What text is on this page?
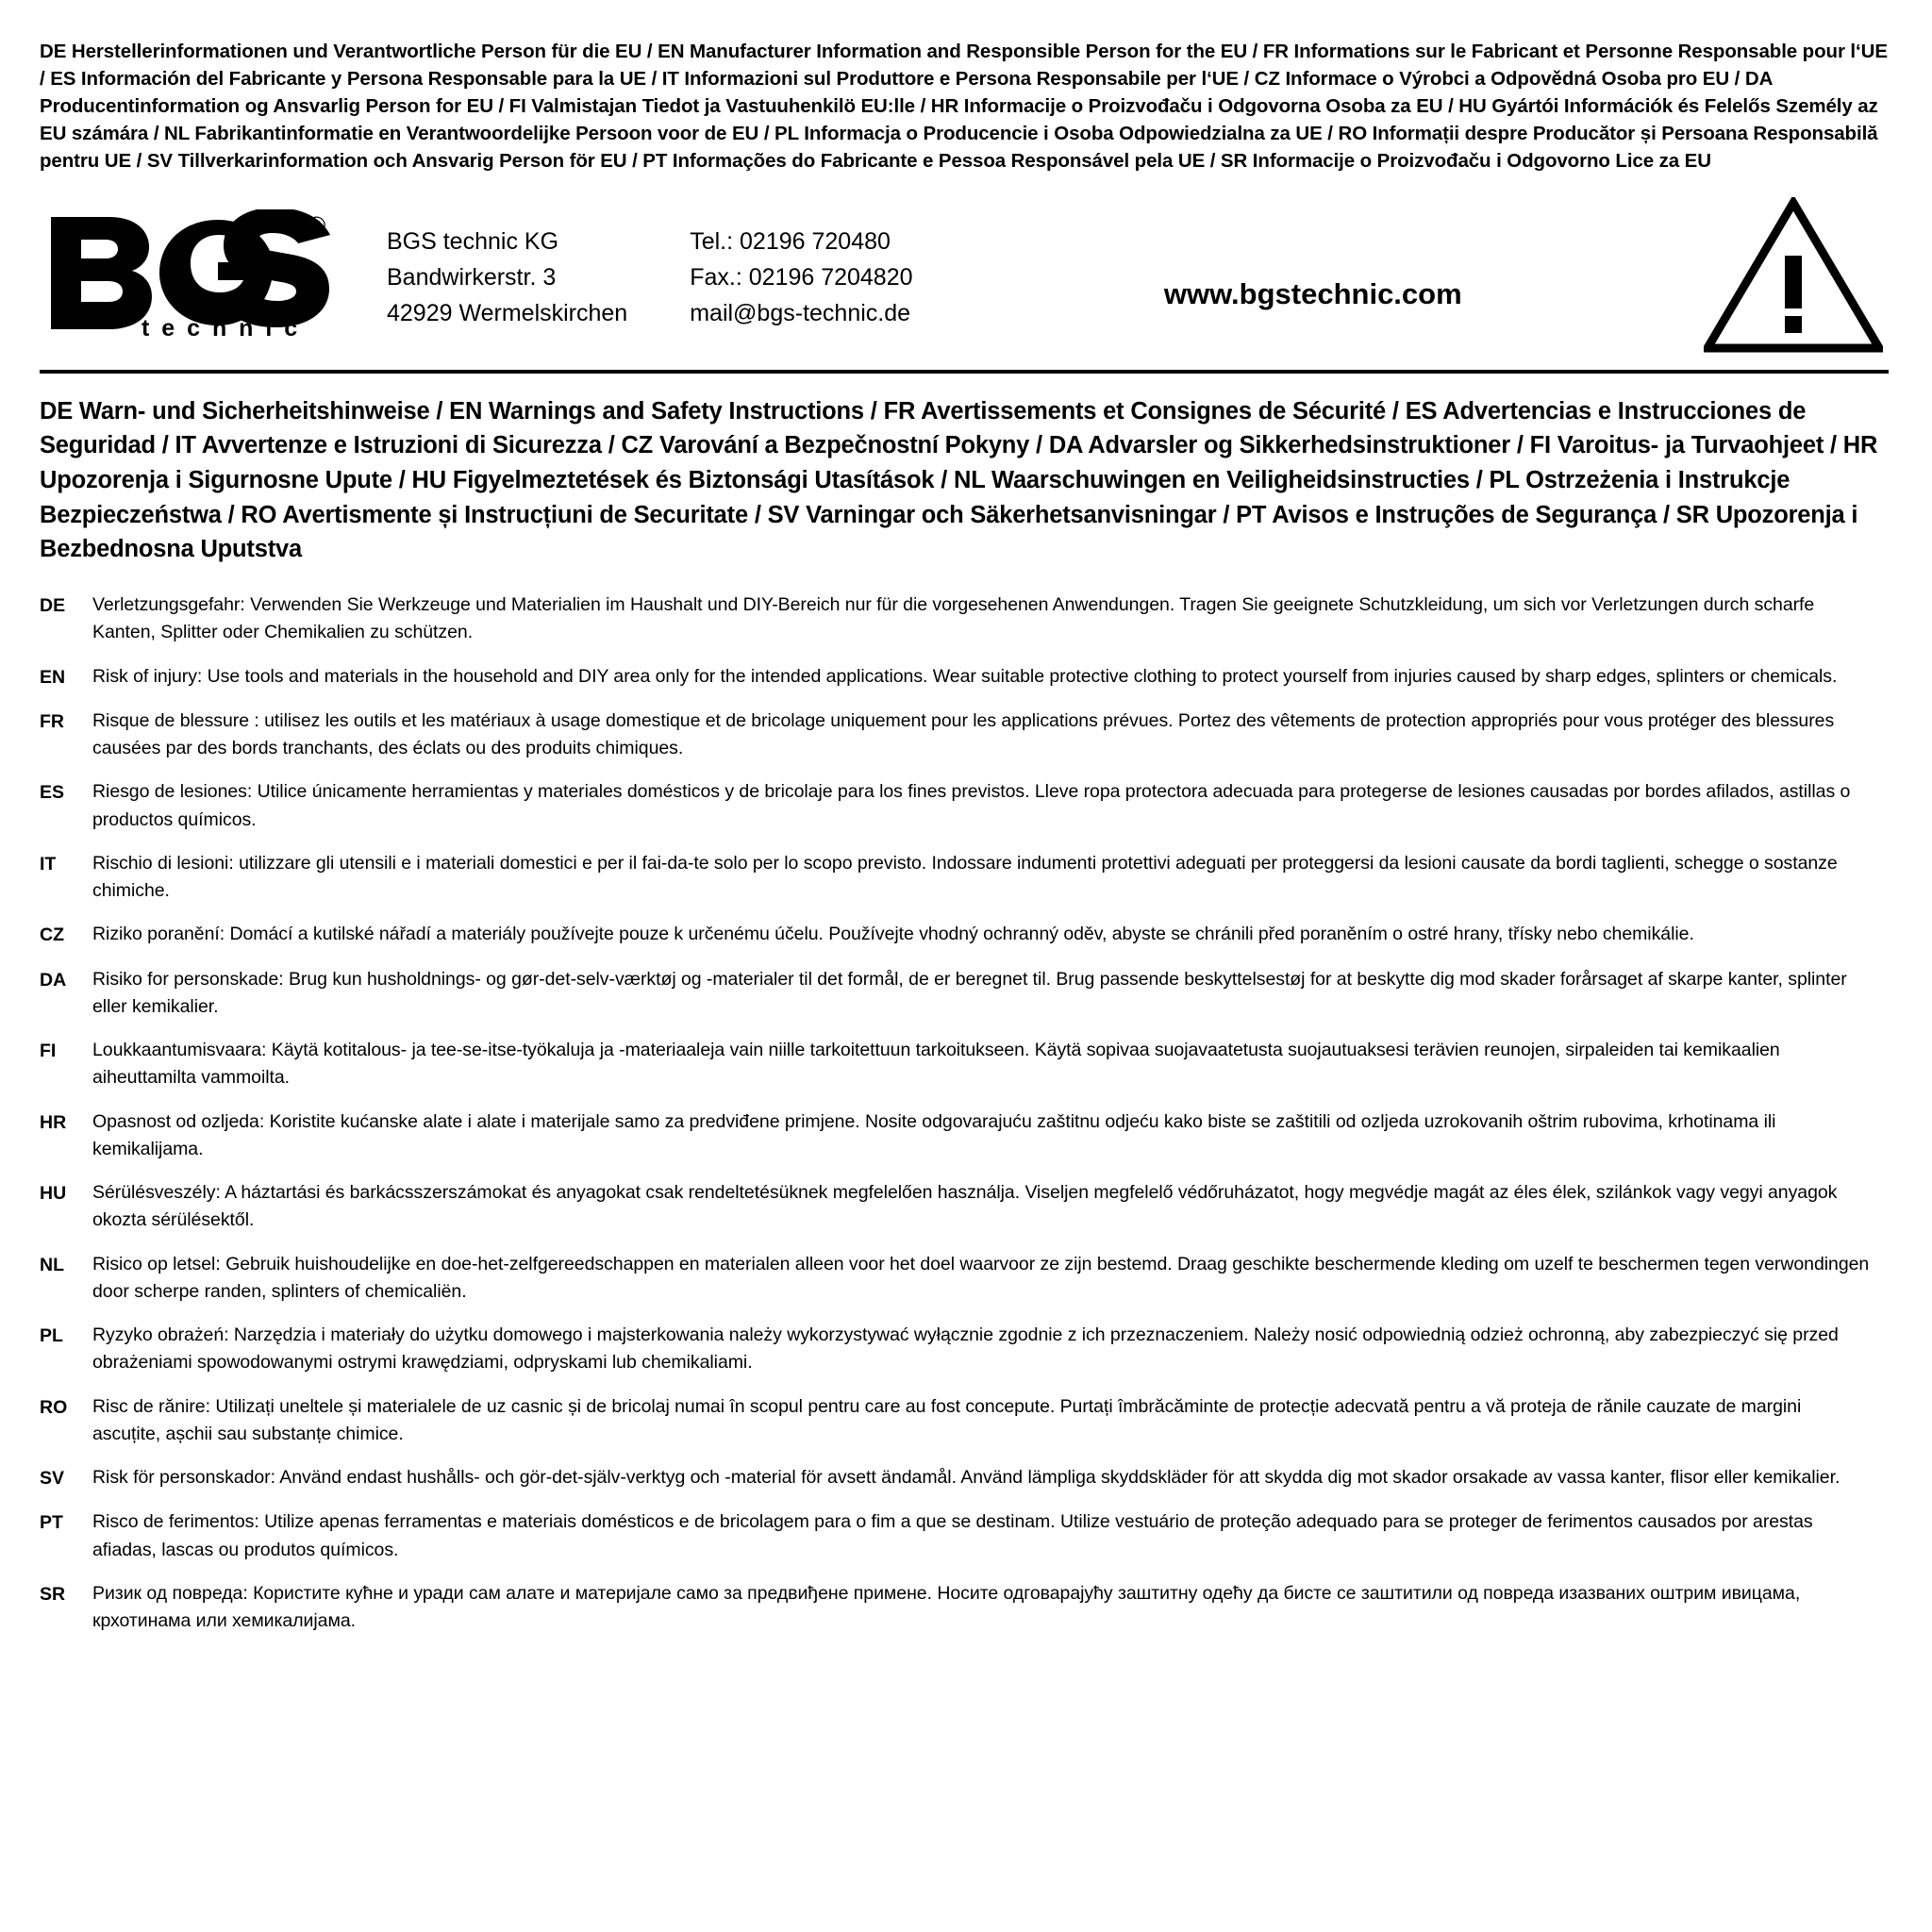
DE Herstellerinformationen und Verantwortliche Person für die EU / EN Manufacturer Information and Responsible Person for the EU / FR Informations sur le Fabricant et Personne Responsable pour l‘UE / ES Información del Fabricante y Persona Responsable para la UE / IT Informazioni sul Produttore e Persona Responsabile per l‘UE / CZ Informace o Výrobci a Odpovědná Osoba pro EU / DA Producentinformation og Ansvarlig Person for EU / FI Valmistajan Tiedot ja Vastuuhenkilö EU:lle / HR Informacije o Proizvođaču i Odgovorna Osoba za EU / HU Gyártói Információk és Felelős Személy az EU számára / NL Fabrikantinformatie en Verantwoordelijke Persoon voor de EU / PL Informacja o Producencie i Osoba Odpowiedzialna za UE / RO Informații despre Producător și Persoana Responsabilă pentru UE / SV Tillverkarinformation och Ansvarig Person för EU / PT Informações do Fabricante e Pessoa Responsável pela UE / SR Informacije o Proizvođaču i Odgovorno Lice za EU
®
t e c h n i c
BGS technic KG
Bandwirkerstr. 3
42929 Wermelskirchen
Tel.: 02196 720480
Fax.: 02196 7204820
mail@bgs-technic.de
www.bgstechnic.com
DE Warn- und Sicherheitshinweise / EN Warnings and Safety Instructions / FR Avertissements et Consignes de Sécurité / ES Advertencias e Instrucciones de Seguridad / IT Avvertenze e Istruzioni di Sicurezza / CZ Varování a Bezpečnostní Pokyny / DA Advarsler og Sikkerhedsinstruktioner / FI Varoitus- ja Turvaohjeet / HR Upozorenja i Sigurnosne Upute / HU Figyelmeztetések és Biztonsági Utasítások / NL Waarschuwingen en Veiligheidsinstructies / PL Ostrzeżenia i Instrukcje Bezpieczeństwa / RO Avertismente și Instrucțiuni de Securitate / SV Varningar och Säkerhetsanvisningar / PT Avisos e Instruções de Segurança / SR Upozorenja i Bezbednosna Uputstva
DE	Verletzungsgefahr: Verwenden Sie Werkzeuge und Materialien im Haushalt und DIY-Bereich nur für die vorgesehenen Anwendungen. Tragen Sie geeignete Schutzkleidung, um sich vor Verletzungen durch scharfe Kanten, Splitter oder Chemikalien zu schützen.
EN	Risk of injury: Use tools and materials in the household and DIY area only for the intended applications. Wear suitable protective clothing to protect yourself from injuries caused by sharp edges, splinters or chemicals.
FR	Risque de blessure : utilisez les outils et les matériaux à usage domestique et de bricolage uniquement pour les applications prévues. Portez des vêtements de protection appropriés pour vous protéger des blessures causées par des bords tranchants, des éclats ou des produits chimiques.
ES	Riesgo de lesiones: Utilice únicamente herramientas y materiales domésticos y de bricolaje para los fines previstos. Lleve ropa protectora adecuada para protegerse de lesiones causadas por bordes afilados, astillas o productos químicos.
IT	Rischio di lesioni: utilizzare gli utensili e i materiali domestici e per il fai-da-te solo per lo scopo previsto. Indossare indumenti protettivi adeguati per proteggersi da lesioni causate da bordi taglienti, schegge o sostanze chimiche.
CZ	Riziko poranění: Domácí a kutilské nářadí a materiály používejte pouze k určenému účelu. Používejte vhodný ochranný oděv, abyste se chránili před poraněním o ostré hrany, třísky nebo chemikálie.
DA	Risiko for personskade: Brug kun husholdnings- og gør-det-selv-værktøj og -materialer til det formål, de er beregnet til. Brug passende beskyttelsestøj for at beskytte dig mod skader forårsaget af skarpe kanter, splinter eller kemikalier.
FI	Loukkaantumisvaara: Käytä kotitalous- ja tee-se-itse-työkaluja ja -materiaaleja vain niille tarkoitettuun tarkoitukseen. Käytä sopivaa suojavaatetusta suojautuaksesi terävien reunojen, sirpaleiden tai kemikaalien aiheuttamilta vammoilta.
HR	Opasnost od ozljeda: Koristite kućanske alate i alate i materijale samo za predviđene primjene. Nosite odgovarajuću zaštitnu odjeću kako biste se zaštitili od ozljeda uzrokovanih oštrim rubovima, krhotinama ili kemikalijama.
HU	Sérülésveszély: A háztartási és barkácsszerszámokat és anyagokat csak rendeltetésüknek megfelelően használja. Viseljen megfelelő védőruházatot, hogy megvédje magát az éles élek, szilánkok vagy vegyi anyagok okozta sérülésektől.
NL	Risico op letsel: Gebruik huishoudelijke en doe-het-zelfgereedschappen en materialen alleen voor het doel waarvoor ze zijn bestemd. Draag geschikte beschermende kleding om uzelf te beschermen tegen verwondingen door scherpe randen, splinters of chemicaliën.
PL	Ryzyko obrażeń: Narzędzia i materiały do użytku domowego i majsterkowania należy wykorzystywać wyłącznie zgodnie z ich przeznaczeniem. Należy nosić odpowiednią odzież ochronną, aby zabezpieczyć się przed obrażeniami spowodowanymi ostrymi krawędziami, odpryskami lub chemikaliami.
RO	Risc de rănire: Utilizați uneltele și materialele de uz casnic și de bricolaj numai în scopul pentru care au fost concepute. Purtați îmbrăcăminte de protecție adecvată pentru a vă proteja de rănile cauzate de margini ascuțite, așchii sau substanțe chimice.
SV	Risk för personskador: Använd endast hushålls- och gör-det-själv-verktyg och -material för avsett ändamål. Använd lämpliga skyddskläder för att skydda dig mot skador orsakade av vassa kanter, flisor eller kemikalier.
PT	Risco de ferimentos: Utilize apenas ferramentas e materiais domésticos e de bricolagem para o fim a que se destinam. Utilize vestuário de proteção adequado para se proteger de ferimentos causados por arestas afiadas, lascas ou produtos químicos.
SR	Ризик од повреда: Користите кућне и уради сам алате и материјале само за предвиђене примене. Носите одговарајућу заштитну одећу да бисте се заштитили од повреда изазваних оштрим ивицама, крхотинама или хемикалијама.
